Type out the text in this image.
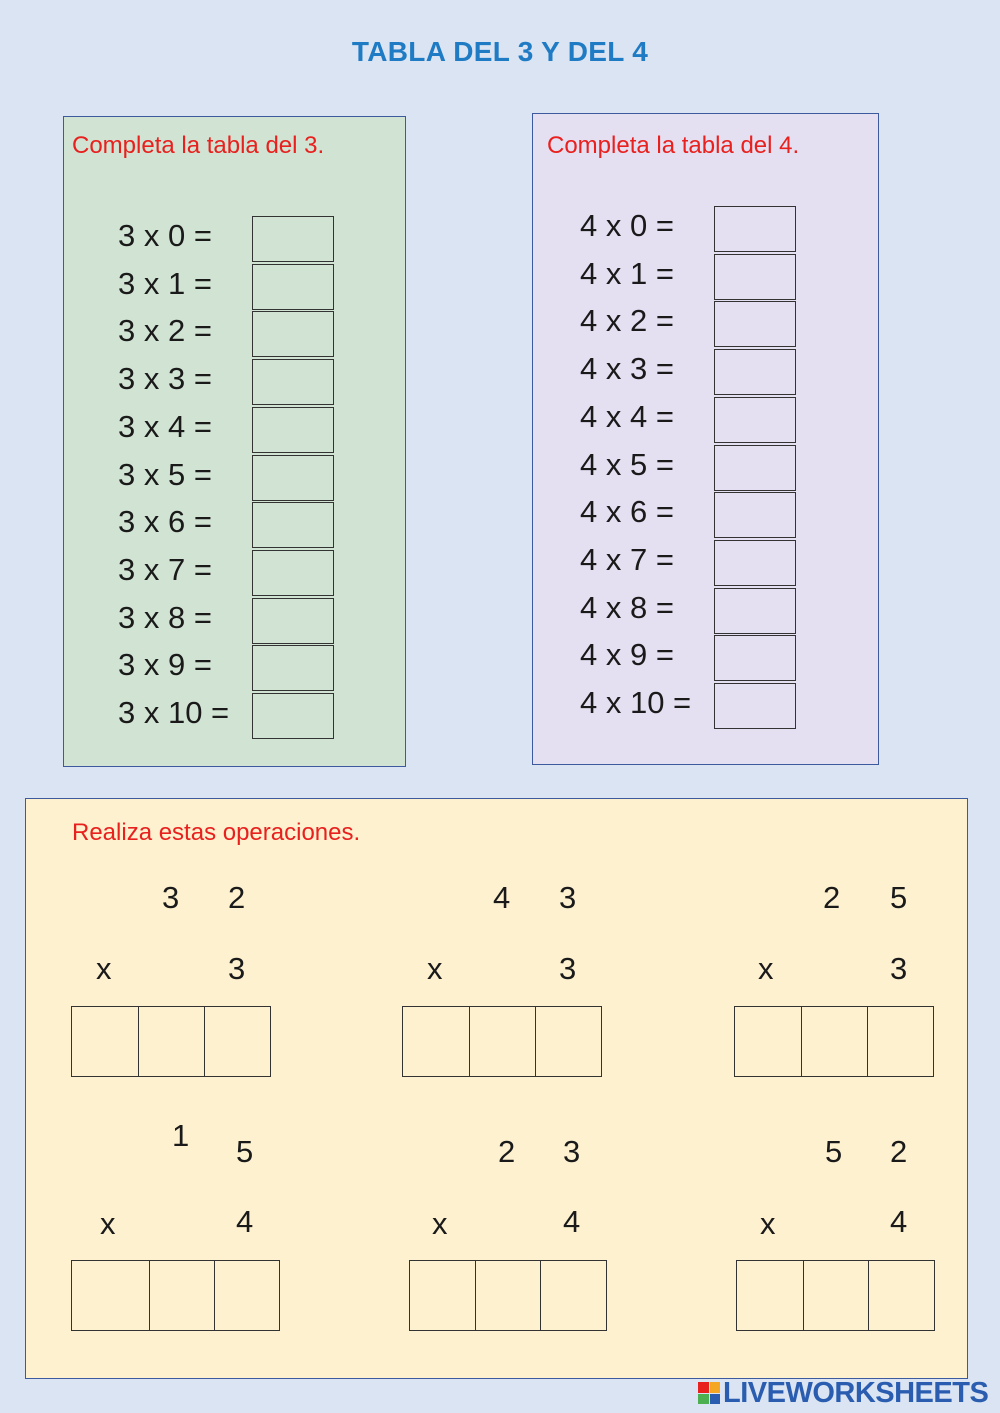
TABLA DEL 3 Y DEL 4
Completa la tabla del 3.
3 x 0 =
3 x 1 =
3 x 2 =
3 x 3 =
3 x 4 =
3 x 5 =
3 x 6 =
3 x 7 =
3 x 8 =
3 x 9 =
3 x 10 =
Completa la tabla del 4.
4 x 0 =
4 x 1 =
4 x 2 =
4 x 3 =
4 x 4 =
4 x 5 =
4 x 6 =
4 x 7 =
4 x 8 =
4 x 9 =
4 x 10 =
Realiza estas operaciones.
3 2
x	3
4 3
x	3
2 5
x	3
1 5
x	4
2 3
x	4
5 2
x	4
LIVEWORKSHEETS
